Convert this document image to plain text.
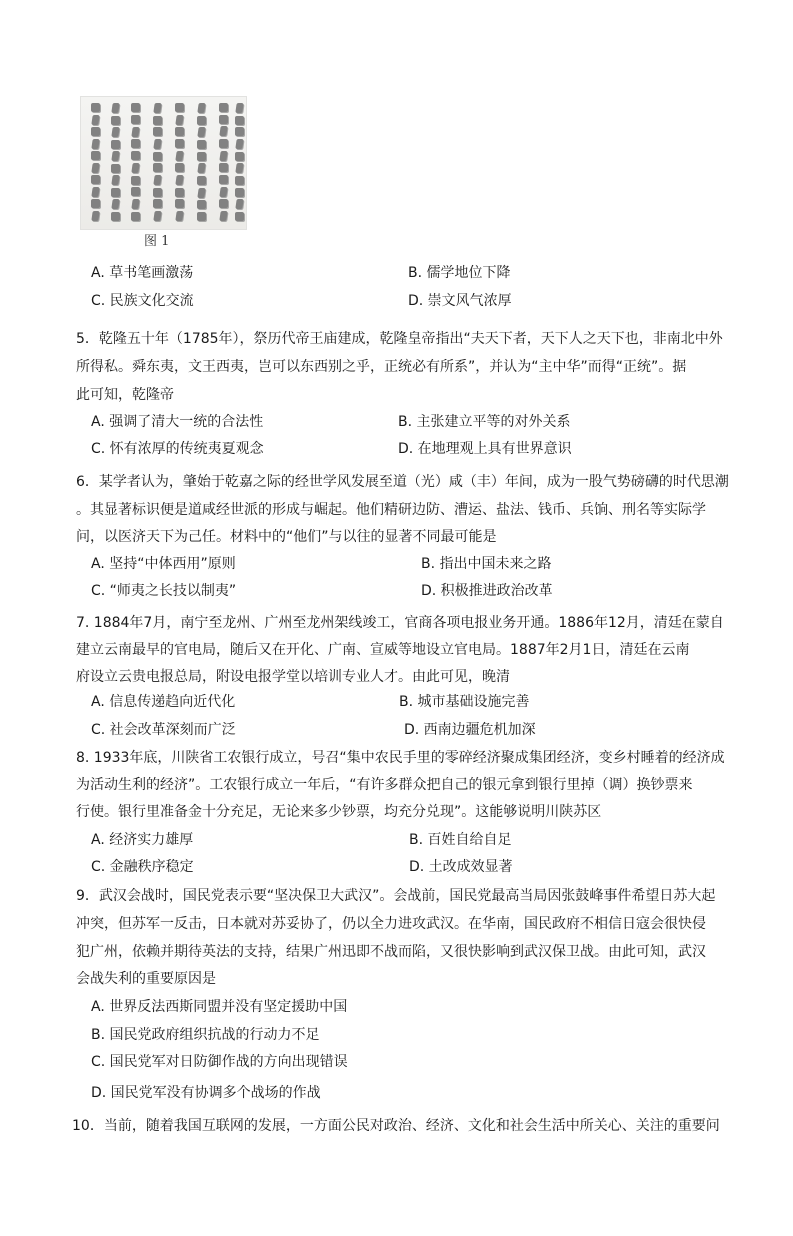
图 1
A. 草书笔画激荡	B. 儒学地位下降
C. 民族文化交流	D. 崇文风气浓厚
5．乾隆五十年（1785年），祭历代帝王庙建成，乾隆皇帝指出“夫天下者，天下人之天下也，非南北中外
所得私。舜东夷，文王西夷，岂可以东西别之乎，正统必有所系”，并认为“主中华”而得“正统”。据
此可知，乾隆帝
A. 强调了清大一统的合法性	B. 主张建立平等的对外关系
C. 怀有浓厚的传统夷夏观念	D. 在地理观上具有世界意识
6．某学者认为，肇始于乾嘉之际的经世学风发展至道（光）咸（丰）年间，成为一股气势磅礴的时代思潮
。其显著标识便是道咸经世派的形成与崛起。他们精研边防、漕运、盐法、钱币、兵饷、刑名等实际学
问，以医济天下为己任。材料中的“他们”与以往的显著不同最可能是
A. 坚持“中体西用”原则	B. 指出中国未来之路
C. “师夷之长技以制夷”	D. 积极推进政治改革
7. 1884年7月，南宁至龙州、广州至龙州架线竣工，官商各项电报业务开通。1886年12月，清廷在蒙自
建立云南最早的官电局，随后又在开化、广南、宣威等地设立官电局。1887年2月1日，清廷在云南
府设立云贵电报总局，附设电报学堂以培训专业人才。由此可见，晚清
A. 信息传递趋向近代化	B. 城市基础设施完善
C. 社会改革深刻而广泛	D. 西南边疆危机加深
8. 1933年底，川陕省工农银行成立，号召“集中农民手里的零碎经济聚成集团经济，变乡村睡着的经济成
为活动生利的经济”。工农银行成立一年后，“有许多群众把自己的银元拿到银行里掉（调）换钞票来
行使。银行里准备金十分充足，无论来多少钞票，均充分兑现”。这能够说明川陕苏区
A. 经济实力雄厚	B. 百姓自给自足
C. 金融秩序稳定	D. 土改成效显著
9．武汉会战时，国民党表示要“坚决保卫大武汉”。会战前，国民党最高当局因张鼓峰事件希望日苏大起
冲突，但苏军一反击，日本就对苏妥协了，仍以全力进攻武汉。在华南，国民政府不相信日寇会很快侵
犯广州，依赖并期待英法的支持，结果广州迅即不战而陷，又很快影响到武汉保卫战。由此可知，武汉
会战失利的重要原因是
A. 世界反法西斯同盟并没有坚定援助中国
B. 国民党政府组织抗战的行动力不足
C. 国民党军对日防御作战的方向出现错误
D. 国民党军没有协调多个战场的作战
10．当前，随着我国互联网的发展，一方面公民对政治、经济、文化和社会生活中所关心、关注的重要问
